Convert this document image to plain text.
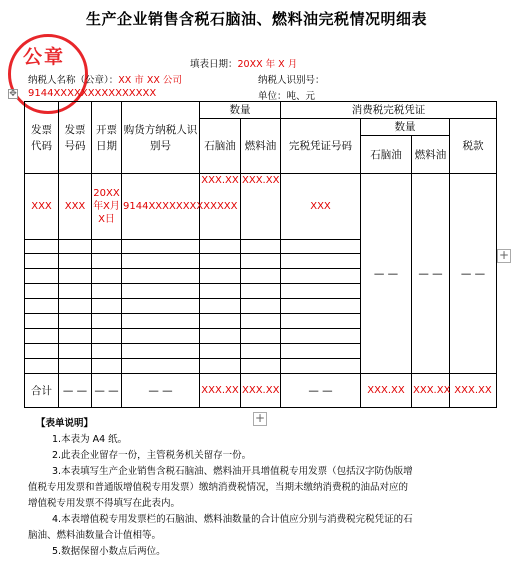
生产企业销售含税石脑油、燃料油完税情况明细表
公章	填表日期：20XX 年 X 月
纳税人名称（公章）：XX 市 XX 公司	纳税人识别号：
9144XXXXXXXXXXXXXXX	单位：吨、元
✥
发票代码	发票号码	开票日期	购货方纳税人识别号	数量		消费税完税凭证			
				石脑油	燃料油	完税凭证号码	数量		税款
							石脑油	燃料油	
XXX	XXX	20XX年X月X日	9144XXXXXXXXXXXXX	XXX.XX	XXX.XX	XXX	— —	— —	— —

合计	— —	— —	— —	XXX.XX	XXX.XX	— —	XXX.XX	XXX.XX	XXX.XX
+
+
【表单说明】
1.本表为 A4 纸。
2.此表企业留存一份，主管税务机关留存一份。
3.本表填写生产企业销售含税石脑油、燃料油开具增值税专用发票（包括汉字防伪版增
值税专用发票和普通版增值税专用发票）缴纳消费税情况，当期未缴纳消费税的油品对应的
增值税专用发票不得填写在此表内。
4.本表增值税专用发票栏的石脑油、燃料油数量的合计值应分别与消费税完税凭证的石
脑油、燃料油数量合计值相等。
5.数据保留小数点后两位。
